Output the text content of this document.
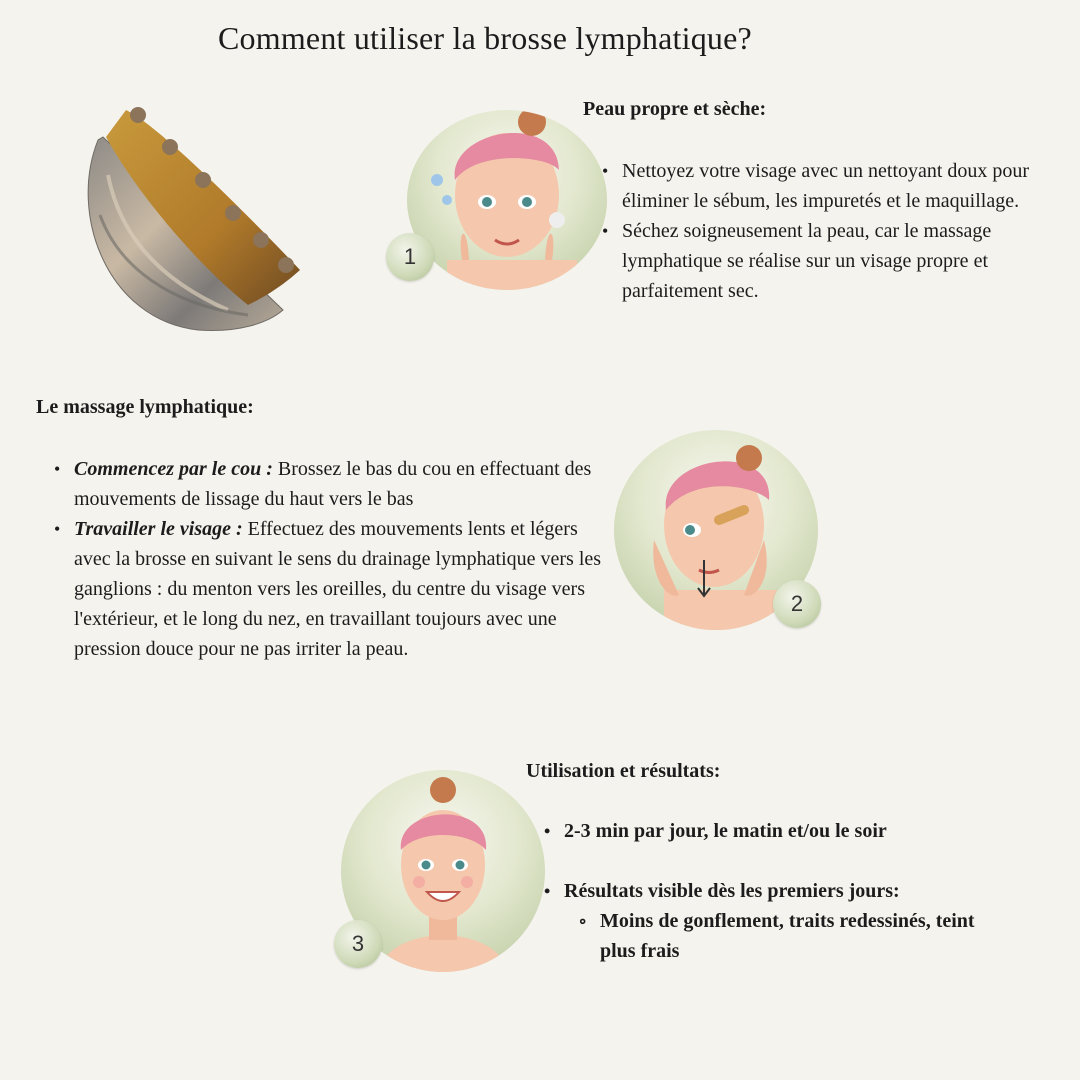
Comment utiliser la brosse lymphatique?
1
Peau propre et sèche:
• Nettoyez votre visage avec un nettoyant doux pour éliminer le sébum, les impuretés et le maquillage.
• Séchez soigneusement la peau, car le massage lymphatique se réalise sur un visage propre et parfaitement sec.
Le massage lymphatique:
• Commencez par le cou : Brossez le bas du cou en effectuant des mouvements de lissage du haut vers le bas
• Travailler le visage : Effectuez des mouvements lents et légers avec la brosse en suivant le sens du drainage lymphatique vers les ganglions : du menton vers les oreilles, du centre du visage vers l'extérieur, et le long du nez, en travaillant toujours avec une pression douce pour ne pas irriter la peau.
2
3
Utilisation et résultats:
• 2-3 min par jour, le matin et/ou le soir
• Résultats visible dès les premiers jours:
∘ Moins de gonflement, traits redessinés, teint plus frais
